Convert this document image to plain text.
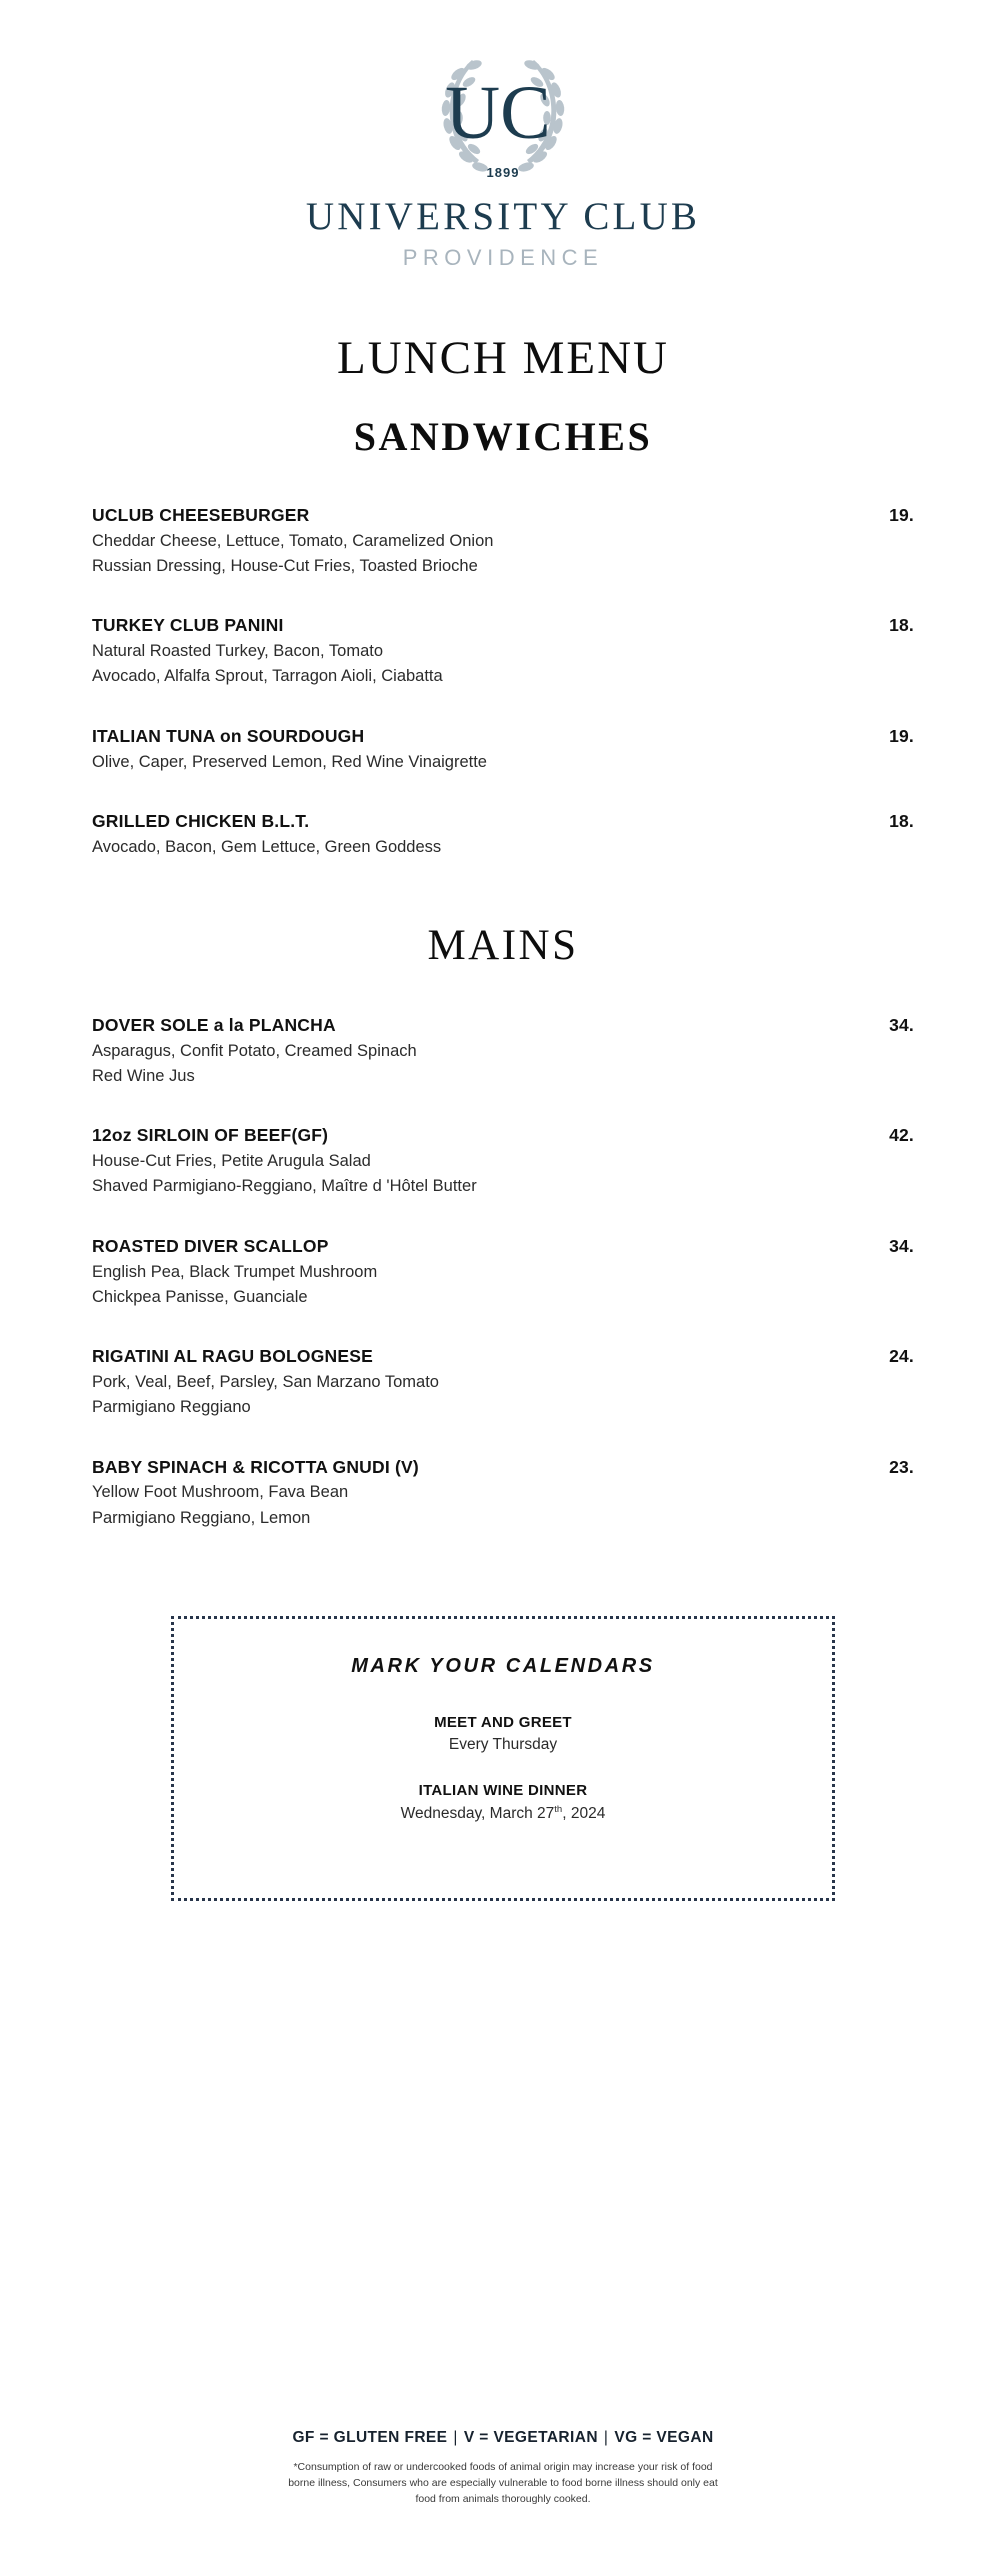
UC
1899
UNIVERSITY CLUB
PROVIDENCE
LUNCH MENU
SANDWICHES
UCLUB CHEESEBURGER	19.
Cheddar Cheese, Lettuce, Tomato, Caramelized Onion
Russian Dressing, House-Cut Fries, Toasted Brioche
TURKEY CLUB PANINI	18.
Natural Roasted Turkey, Bacon, Tomato
Avocado, Alfalfa Sprout, Tarragon Aioli, Ciabatta
ITALIAN TUNA on SOURDOUGH	19.
Olive, Caper, Preserved Lemon, Red Wine Vinaigrette
GRILLED CHICKEN B.L.T.	18.
Avocado, Bacon, Gem Lettuce, Green Goddess
MAINS
DOVER SOLE a la PLANCHA	34.
Asparagus, Confit Potato, Creamed Spinach
Red Wine Jus
12oz SIRLOIN OF BEEF(GF)	42.
House-Cut Fries, Petite Arugula Salad
Shaved Parmigiano-Reggiano, Maître d 'Hôtel Butter
ROASTED DIVER SCALLOP	34.
English Pea, Black Trumpet Mushroom
Chickpea Panisse, Guanciale
RIGATINI AL RAGU BOLOGNESE	24.
Pork, Veal, Beef, Parsley, San Marzano Tomato
Parmigiano Reggiano
BABY SPINACH & RICOTTA GNUDI (V)	23.
Yellow Foot Mushroom, Fava Bean
Parmigiano Reggiano, Lemon
MARK YOUR CALENDARS
MEET AND GREET
Every Thursday
ITALIAN WINE DINNER
Wednesday, March 27th, 2024
GF = GLUTEN FREE | V = VEGETARIAN | VG = VEGAN
*Consumption of raw or undercooked foods of animal origin may increase your risk of food borne illness, Consumers who are especially vulnerable to food borne illness should only eat food from animals thoroughly cooked.
